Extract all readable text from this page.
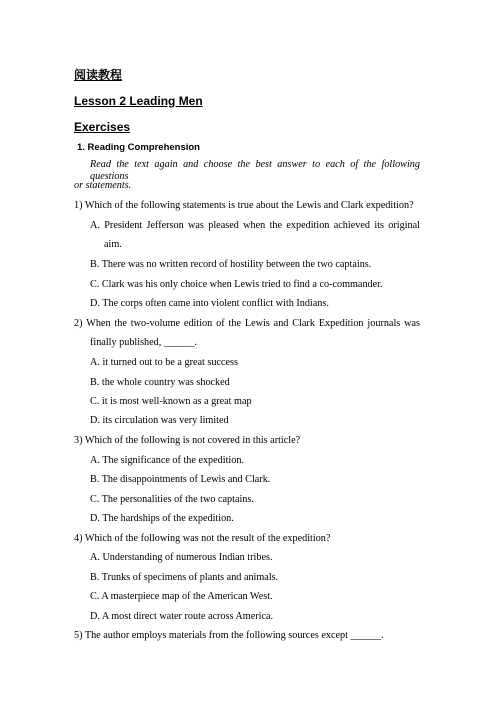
阅读教程
Lesson 2 Leading Men
Exercises
1. Reading Comprehension
Read the text again and choose the best answer to each of the following questions
or statements.
1) Which of the following statements is true about the Lewis and Clark expedition?
A. President Jefferson was pleased when the expedition achieved its original
aim.
B. There was no written record of hostility between the two captains.
C. Clark was his only choice when Lewis tried to find a co-commander.
D. The corps often came into violent conflict with Indians.
2) When the two-volume edition of the Lewis and Clark Expedition journals was
finally published, ______.
A. it turned out to be a great success
B. the whole country was shocked
C. it is most well-known as a great map
D. its circulation was very limited
3) Which of the following is not covered in this article?
A. The significance of the expedition.
B. The disappointments of Lewis and Clark.
C. The personalities of the two captains.
D. The hardships of the expedition.
4) Which of the following was not the result of the expedition?
A. Understanding of numerous Indian tribes.
B. Trunks of specimens of plants and animals.
C. A masterpiece map of the American West.
D. A most direct water route across America.
5) The author employs materials from the following sources except ______.
